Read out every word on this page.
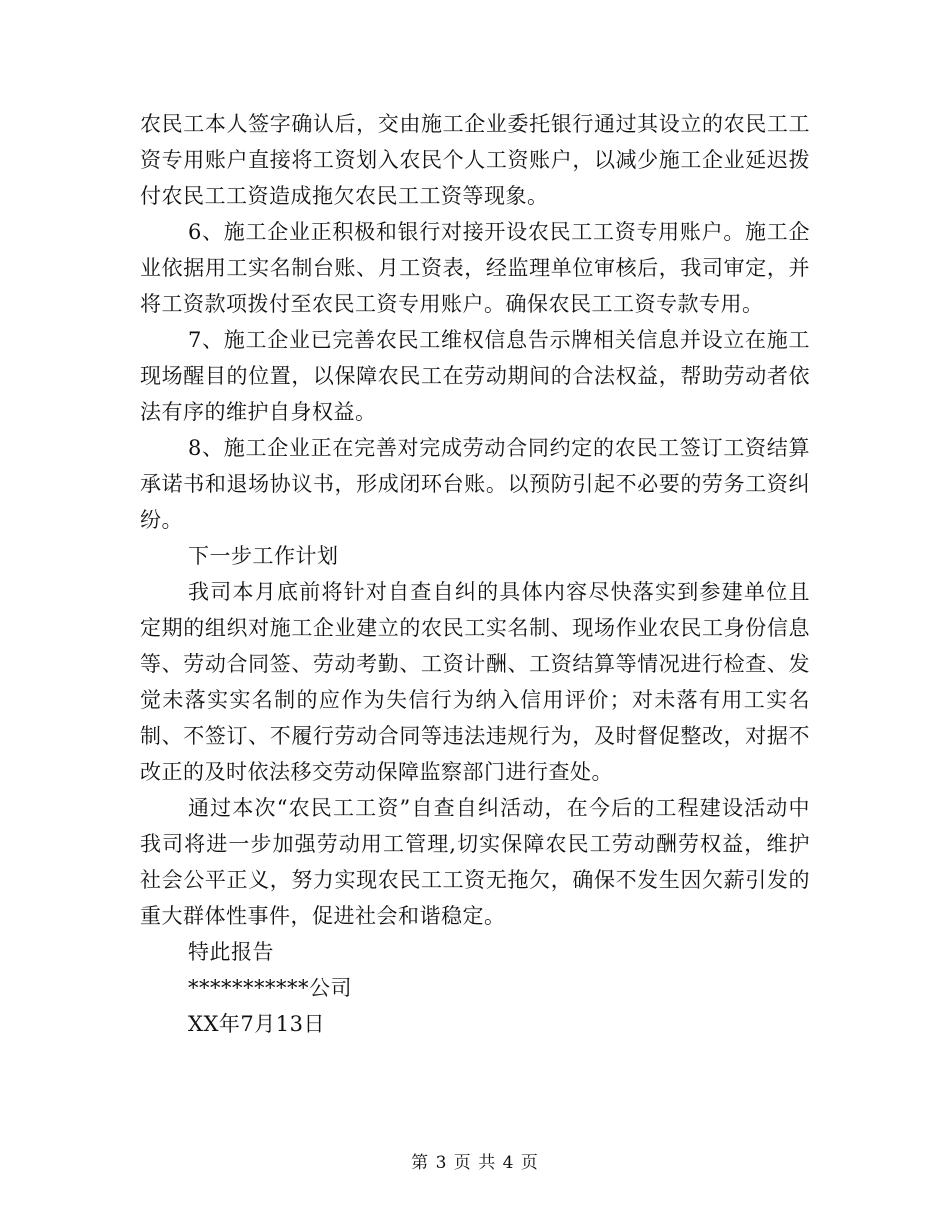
农民工本人签字确认后，交由施工企业委托银行通过其设立的农民工工资专用账户直接将工资划入农民个人工资账户，以减少施工企业延迟拨付农民工工资造成拖欠农民工工资等现象。

6、施工企业正积极和银行对接开设农民工工资专用账户。施工企业依据用工实名制台账、月工资表，经监理单位审核后，我司审定，并将工资款项拨付至农民工资专用账户。确保农民工工资专款专用。

7、施工企业已完善农民工维权信息告示牌相关信息并设立在施工现场醒目的位置，以保障农民工在劳动期间的合法权益，帮助劳动者依法有序的维护自身权益。

8、施工企业正在完善对完成劳动合同约定的农民工签订工资结算承诺书和退场协议书，形成闭环台账。以预防引起不必要的劳务工资纠纷。

下一步工作计划

我司本月底前将针对自查自纠的具体内容尽快落实到参建单位且定期的组织对施工企业建立的农民工实名制、现场作业农民工身份信息等、劳动合同签、劳动考勤、工资计酬、工资结算等情况进行检查、发觉未落实实名制的应作为失信行为纳入信用评价；对未落有用工实名制、不签订、不履行劳动合同等违法违规行为，及时督促整改，对据不改正的及时依法移交劳动保障监察部门进行查处。

通过本次“农民工工资”自查自纠活动，在今后的工程建设活动中我司将进一步加强劳动用工管理,切实保障农民工劳动酬劳权益，维护社会公平正义，努力实现农民工工资无拖欠，确保不发生因欠薪引发的重大群体性事件，促进社会和谐稳定。

特此报告

***********公司

XX年7月13日

第 3 页 共 4 页
